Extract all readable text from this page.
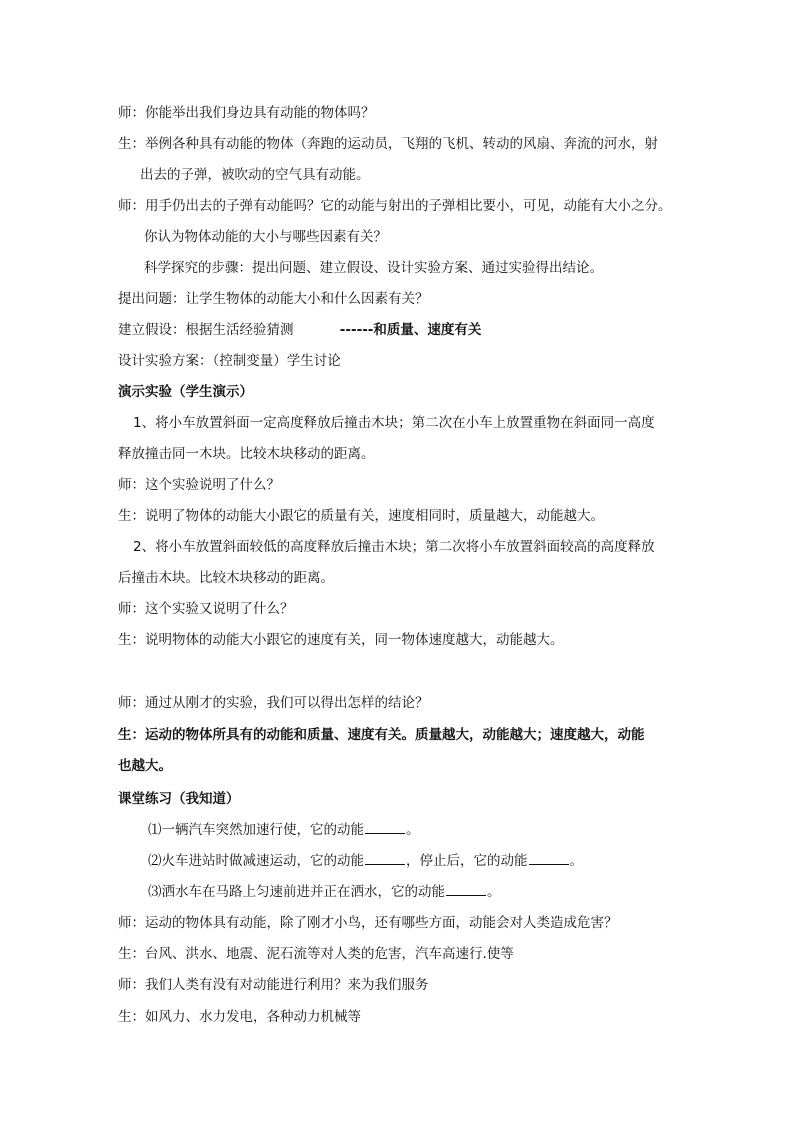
师：你能举出我们身边具有动能的物体吗？
生：举例各种具有动能的物体（奔跑的运动员，飞翔的飞机、转动的风扇、奔流的河水，射
出去的子弹，被吹动的空气具有动能。
师：用手仍出去的子弹有动能吗？它的动能与射出的子弹相比要小，可见，动能有大小之分。
你认为物体动能的大小与哪些因素有关？
科学探究的步骤：提出问题、建立假设、设计实验方案、通过实验得出结论。
提出问题：让学生物体的动能大小和什么因素有关？
建立假设：根据生活经验猜测	------和质量、速度有关
设计实验方案：（控制变量）学生讨论
演示实验（学生演示）
1、将小车放置斜面一定高度释放后撞击木块；第二次在小车上放置重物在斜面同一高度
释放撞击同一木块。比较木块移动的距离。
师：这个实验说明了什么？
生：说明了物体的动能大小跟它的质量有关，速度相同时，质量越大，动能越大。
2、将小车放置斜面较低的高度释放后撞击木块；第二次将小车放置斜面较高的高度释放
后撞击木块。比较木块移动的距离。
师：这个实验又说明了什么？
生：说明物体的动能大小跟它的速度有关，同一物体速度越大，动能越大。
师：通过从刚才的实验，我们可以得出怎样的结论？
生：运动的物体所具有的动能和质量、速度有关。质量越大，动能越大；速度越大，动能
也越大。
课堂练习（我知道）
⑴一辆汽车突然加速行使，它的动能	。
⑵火车进站时做减速运动，它的动能	，停止后，它的动能	。
⑶洒水车在马路上匀速前进并正在洒水，它的动能	。
师：运动的物体具有动能，除了刚才小鸟，还有哪些方面，动能会对人类造成危害？
生：台风、洪水、地震、泥石流等对人类的危害，汽车高速行.使等
师：我们人类有没有对动能进行利用？来为我们服务
生：如风力、水力发电，各种动力机械等
